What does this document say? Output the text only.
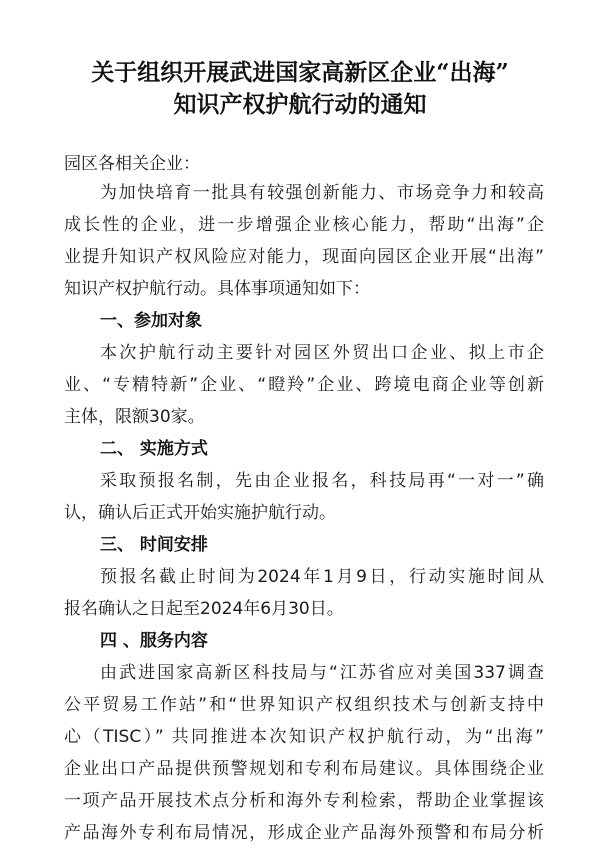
关于组织开展武进国家高新区企业“出海”
知识产权护航行动的通知
园区各相关企业：
为加快培育一批具有较强创新能力、市场竞争力和较高
成长性的企业，进一步增强企业核心能力，帮助“出海”企
业提升知识产权风险应对能力，现面向园区企业开展“出海”
知识产权护航行动。具体事项通知如下：
一、参加对象
本次护航行动主要针对园区外贸出口企业、拟上市企
业、“专精特新”企业、“瞪羚”企业、跨境电商企业等创新
主体，限额30家。
二、 实施方式
采取预报名制，先由企业报名，科技局再“一对一”确
认，确认后正式开始实施护航行动。
三、 时间安排
预报名截止时间为2024年1月9日，行动实施时间从
报名确认之日起至2024年6月30日。
四 、服务内容
由武进国家高新区科技局与“江苏省应对美国337调查
公平贸易工作站”和“世界知识产权组织技术与创新支持中
心（TISC）” 共同推进本次知识产权护航行动，为“出海”
企业出口产品提供预警规划和专利布局建议。具体围绕企业
一项产品开展技术点分析和海外专利检索，帮助企业掌握该
产品海外专利布局情况，形成企业产品海外预警和布局分析
